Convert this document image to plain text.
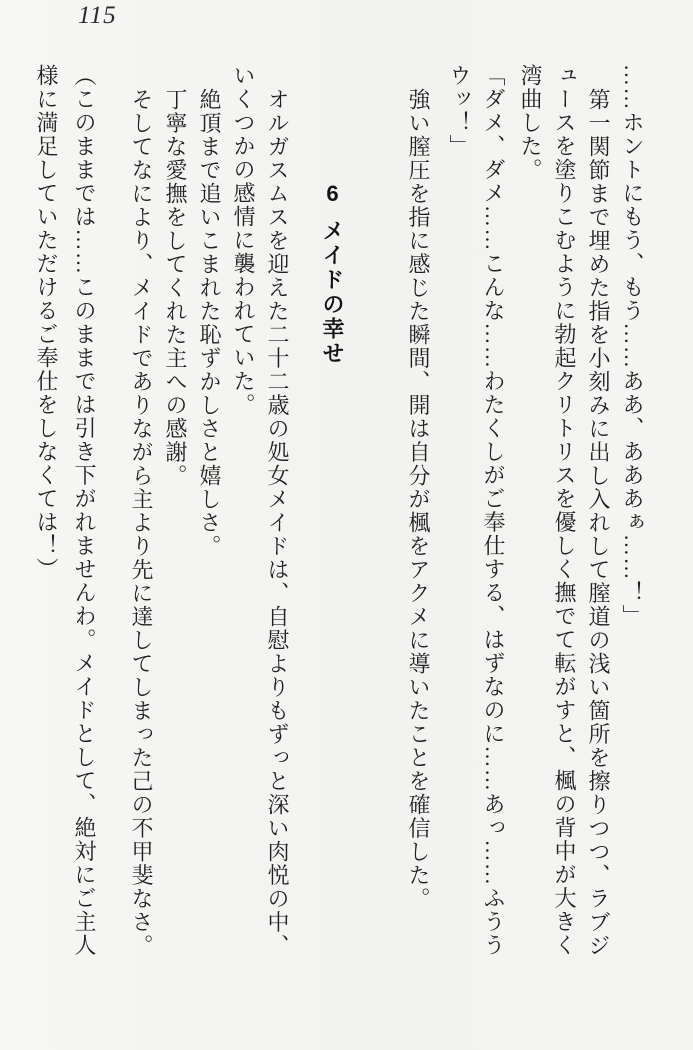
115
……ホントにもう、もう……ああ、あああぁ……！」
第一関節まで埋めた指を小刻みに出し入れして膣道の浅い箇所を擦りつつ、ラブジ
ュースを塗りこむように勃起クリトリスを優しく撫でて転がすと、楓の背中が大きく
湾曲した。
「ダメ、ダメ……こんな……わたくしがご奉仕する、はずなのに……あっ……ふうう
ウッ！」
強い膣圧を指に感じた瞬間、開は自分が楓をアクメに導いたことを確信した。
6メイドの幸せ
オルガスムスを迎えた二十二歳の処女メイドは、自慰よりもずっと深い肉悦の中、
いくつかの感情に襲われていた。
絶頂まで追いこまれた恥ずかしさと嬉しさ。
丁寧な愛撫をしてくれた主への感謝。
そしてなにより、メイドでありながら主より先に達してしまった己の不甲斐なさ。
（このままでは……このままでは引き下がれませんわ。メイドとして、絶対にご主人
様に満足していただけるご奉仕をしなくては！）
